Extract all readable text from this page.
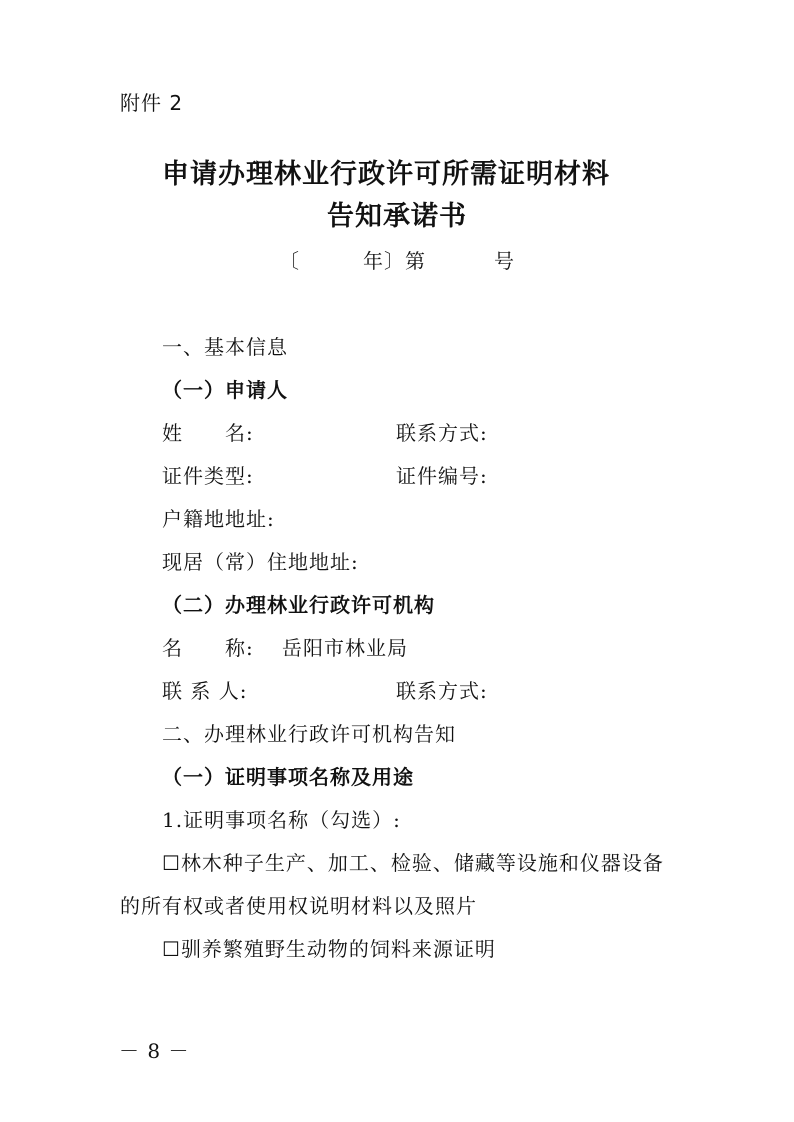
附件 2
申请办理林业行政许可所需证明材料
告知承诺书
〔	年〕第	号
一、基本信息
（一）申请人
姓　　名:	联系方式:
证件类型:	证件编号:
户籍地地址:
现居（常）住地地址:
（二）办理林业行政许可机构
名　　称: 岳阳市林业局
联 系 人:	联系方式:
二、办理林业行政许可机构告知
（一）证明事项名称及用途
1.证明事项名称（勾选）:
☐林木种子生产、加工、检验、储藏等设施和仪器设备
的所有权或者使用权说明材料以及照片
☐驯养繁殖野生动物的饲料来源证明
－ 8 －
